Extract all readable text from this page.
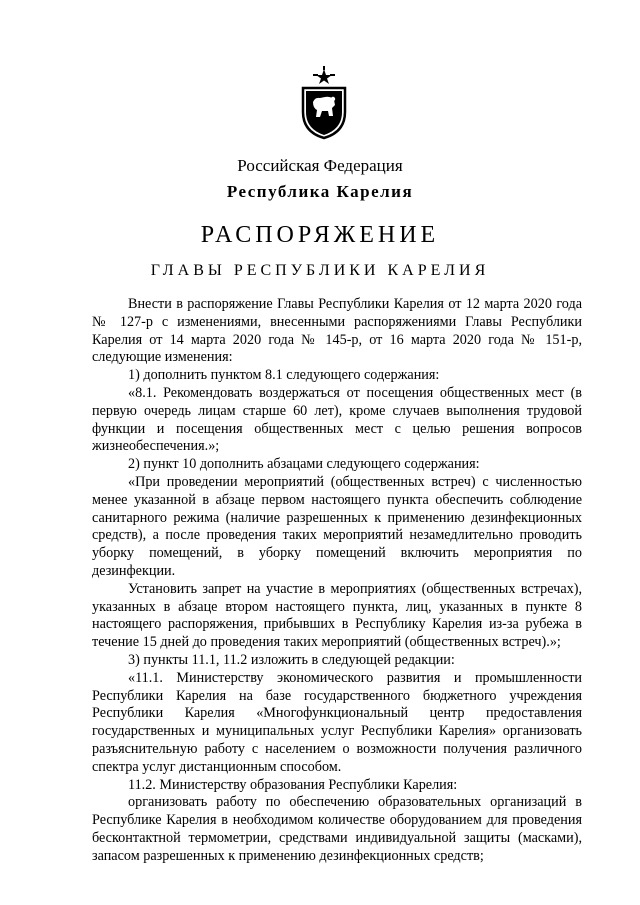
Российская Федерация
Республика Карелия
РАСПОРЯЖЕНИЕ
ГЛАВЫ РЕСПУБЛИКИ КАРЕЛИЯ

Внести в распоряжение Главы Республики Карелия от 12 марта 2020 года № 127-р с изменениями, внесенными распоряжениями Главы Республики Карелия от 14 марта 2020 года № 145-р, от 16 марта 2020 года № 151-р, следующие изменения:

1) дополнить пунктом 8.1 следующего содержания:

«8.1. Рекомендовать воздержаться от посещения общественных мест (в первую очередь лицам старше 60 лет), кроме случаев выполнения трудовой функции и посещения общественных мест с целью решения вопросов жизнеобеспечения.»;

2) пункт 10 дополнить абзацами следующего содержания:

«При проведении мероприятий (общественных встреч) с численностью менее указанной в абзаце первом настоящего пункта обеспечить соблюдение санитарного режима (наличие разрешенных к применению дезинфекционных средств), а после проведения таких мероприятий незамедлительно проводить уборку помещений, в уборку помещений включить мероприятия по дезинфекции.

Установить запрет на участие в мероприятиях (общественных встречах), указанных в абзаце втором настоящего пункта, лиц, указанных в пункте 8 настоящего распоряжения, прибывших в Республику Карелия из-за рубежа в течение 15 дней до проведения таких мероприятий (общественных встреч).»;

3) пункты 11.1, 11.2 изложить в следующей редакции:

«11.1. Министерству экономического развития и промышленности Республики Карелия на базе государственного бюджетного учреждения Республики Карелия «Многофункциональный центр предоставления государственных и муниципальных услуг Республики Карелия» организовать разъяснительную работу с населением о возможности получения различного спектра услуг дистанционным способом.

11.2. Министерству образования Республики Карелия:

организовать работу по обеспечению образовательных организаций в Республике Карелия в необходимом количестве оборудованием для проведения бесконтактной термометрии, средствами индивидуальной защиты (масками), запасом разрешенных к применению дезинфекционных средств;
